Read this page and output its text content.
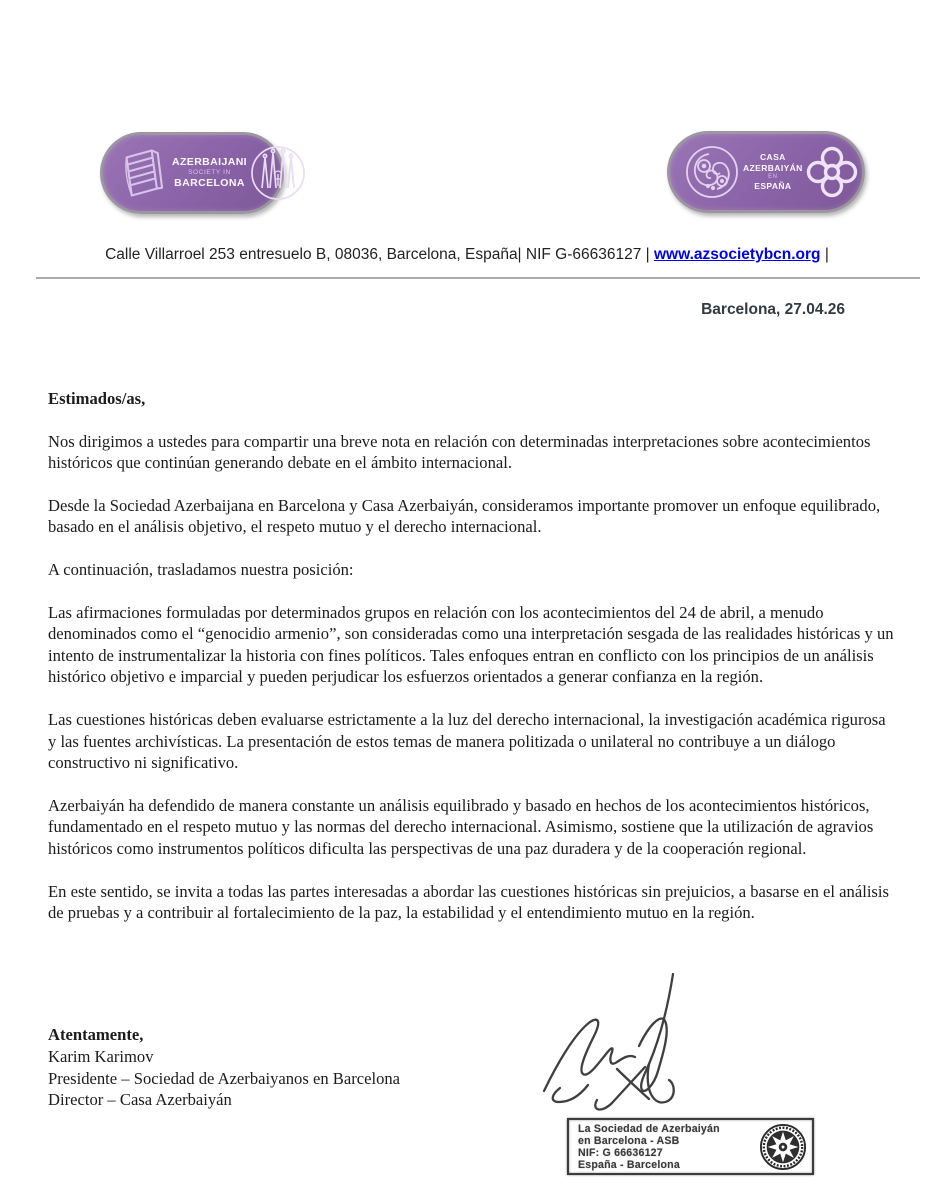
AZERBAIJANI
SOCIETY IN
BARCELONA
CASA AZERBAIYÁN
EN
ESPAÑA
Calle Villarroel 253 entresuelo B, 08036, Barcelona, España| NIF G-66636127 | www.azsocietybcn.org |
Barcelona, 27.04.26

Estimados/as,

Nos dirigimos a ustedes para compartir una breve nota en relación con determinadas interpretaciones sobre acontecimientos históricos que continúan generando debate en el ámbito internacional.

Desde la Sociedad Azerbaijana en Barcelona y Casa Azerbaiyán, consideramos importante promover un enfoque equilibrado, basado en el análisis objetivo, el respeto mutuo y el derecho internacional.

A continuación, trasladamos nuestra posición:

Las afirmaciones formuladas por determinados grupos en relación con los acontecimientos del 24 de abril, a menudo denominados como el “genocidio armenio”, son consideradas como una interpretación sesgada de las realidades históricas y un intento de instrumentalizar la historia con fines políticos. Tales enfoques entran en conflicto con los principios de un análisis histórico objetivo e imparcial y pueden perjudicar los esfuerzos orientados a generar confianza en la región.

Las cuestiones históricas deben evaluarse estrictamente a la luz del derecho internacional, la investigación académica rigurosa y las fuentes archivísticas. La presentación de estos temas de manera politizada o unilateral no contribuye a un diálogo constructivo ni significativo.

Azerbaiyán ha defendido de manera constante un análisis equilibrado y basado en hechos de los acontecimientos históricos, fundamentado en el respeto mutuo y las normas del derecho internacional. Asimismo, sostiene que la utilización de agravios históricos como instrumentos políticos dificulta las perspectivas de una paz duradera y de la cooperación regional.

En este sentido, se invita a todas las partes interesadas a abordar las cuestiones históricas sin prejuicios, a basarse en el análisis de pruebas y a contribuir al fortalecimiento de la paz, la estabilidad y el entendimiento mutuo en la región.

Atentamente,
Karim Karimov
Presidente – Sociedad de Azerbaiyanos en Barcelona
Director – Casa Azerbaiyán
La Sociedad de Azerbaiyán
en Barcelona - ASB
NIF: G 66636127
España - Barcelona
